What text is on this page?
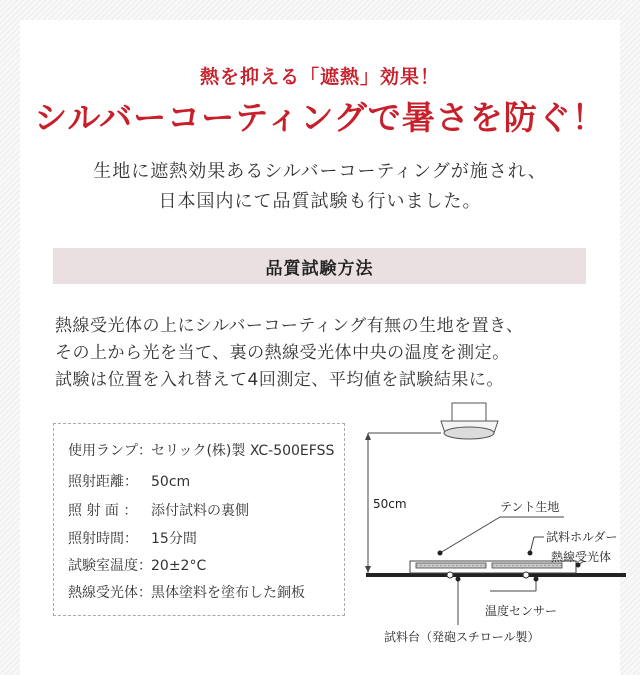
熱を抑える「遮熱」効果！
シルバーコーティングで暑さを防ぐ！
生地に遮熱効果あるシルバーコーティングが施され、
日本国内にて品質試験も行いました。
品質試験方法
熱線受光体の上にシルバーコーティング有無の生地を置き、
その上から光を当て、裏の熱線受光体中央の温度を測定。
試験は位置を入れ替えて4回測定、平均値を試験結果に。
使用ランプ：セリック(株)製 XC-500EFSS
照射距離： 50cm
照 射 面 ： 添付試料の裏側
照射時間： 15分間
試験室温度：20±2°C
熱線受光体：黒体塗料を塗布した銅板
50cm	テント生地
試料ホルダー
熱線受光体
温度センサー
試料台（発砲スチロール製）
